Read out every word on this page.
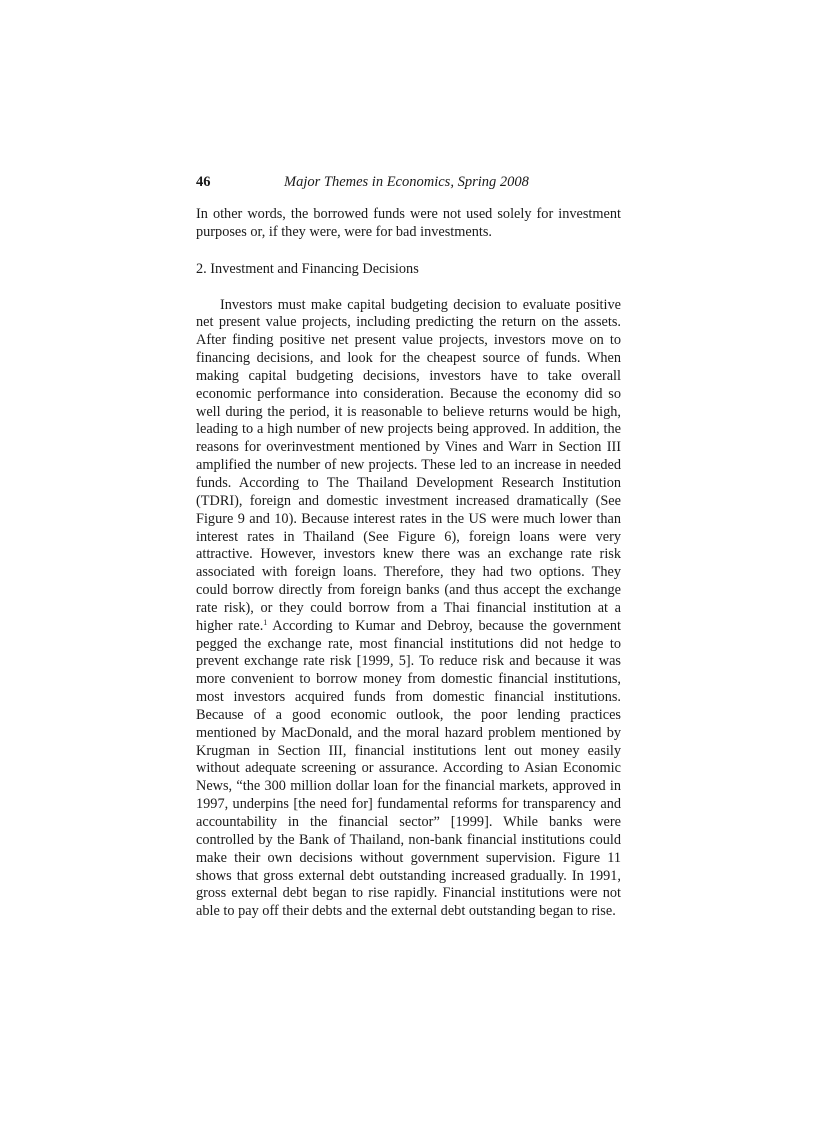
46	Major Themes in Economics, Spring 2008

In other words, the borrowed funds were not used solely for investment purposes or, if they were, were for bad investments.

2. Investment and Financing Decisions

Investors must make capital budgeting decision to evaluate positive net present value projects, including predicting the return on the assets. After finding positive net present value projects, investors move on to financing decisions, and look for the cheapest source of funds. When making capital budgeting decisions, investors have to take overall economic performance into consideration. Because the economy did so well during the period, it is reasonable to believe returns would be high, leading to a high number of new projects being approved. In addition, the reasons for overinvestment mentioned by Vines and Warr in Section III amplified the number of new projects. These led to an increase in needed funds. According to The Thailand Development Research Institution (TDRI), foreign and domestic investment increased dramatically (See Figure 9 and 10). Because interest rates in the US were much lower than interest rates in Thailand (See Figure 6), foreign loans were very attractive. However, investors knew there was an exchange rate risk associated with foreign loans. Therefore, they had two options. They could borrow directly from foreign banks (and thus accept the exchange rate risk), or they could borrow from a Thai financial institution at a higher rate.$^1$ According to Kumar and Debroy, because the government pegged the exchange rate, most financial institutions did not hedge to prevent exchange rate risk [1999, 5]. To reduce risk and because it was more convenient to borrow money from domestic financial institutions, most investors acquired funds from domestic financial institutions. Because of a good economic outlook, the poor lending practices mentioned by MacDonald, and the moral hazard problem mentioned by Krugman in Section III, financial institutions lent out money easily without adequate screening or assurance. According to Asian Economic News, “the 300 million dollar loan for the financial markets, approved in 1997, underpins [the need for] fundamental reforms for transparency and accountability in the financial sector” [1999]. While banks were controlled by the Bank of Thailand, non-bank financial institutions could make their own decisions without government supervision. Figure 11 shows that gross external debt outstanding increased gradually. In 1991, gross external debt began to rise rapidly. Financial institutions were not able to pay off their debts and the external debt outstanding began to rise.
